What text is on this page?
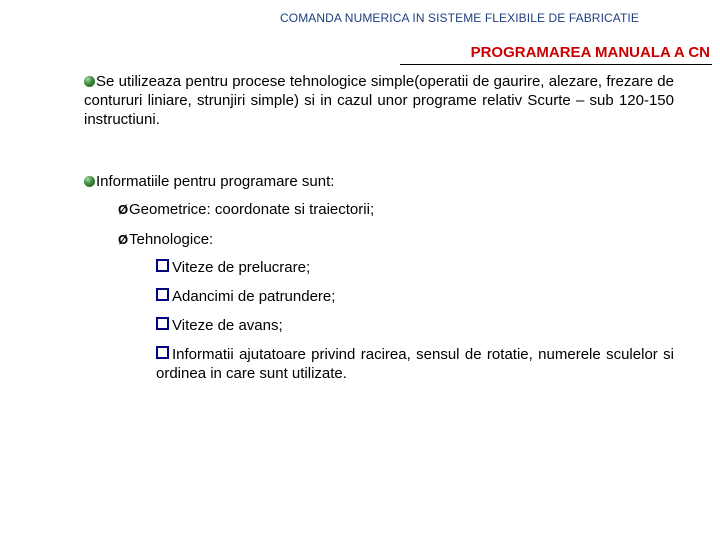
COMANDA NUMERICA IN SISTEME FLEXIBILE DE FABRICATIE
PROGRAMAREA MANUALA A CN
Se utilizeaza pentru procese tehnologice simple(operatii de gaurire, alezare, frezare de contururi liniare, strunjiri simple) si in cazul unor programe relativ Scurte – sub 120-150 instructiuni.
Informatiile pentru programare sunt:
ØGeometrice: coordonate si traiectorii;
ØTehnologice:
Viteze de prelucrare;
Adancimi de patrundere;
Viteze de avans;
Informatii ajutatoare privind racirea, sensul de rotatie, numerele sculelor si ordinea in care sunt utilizate.
